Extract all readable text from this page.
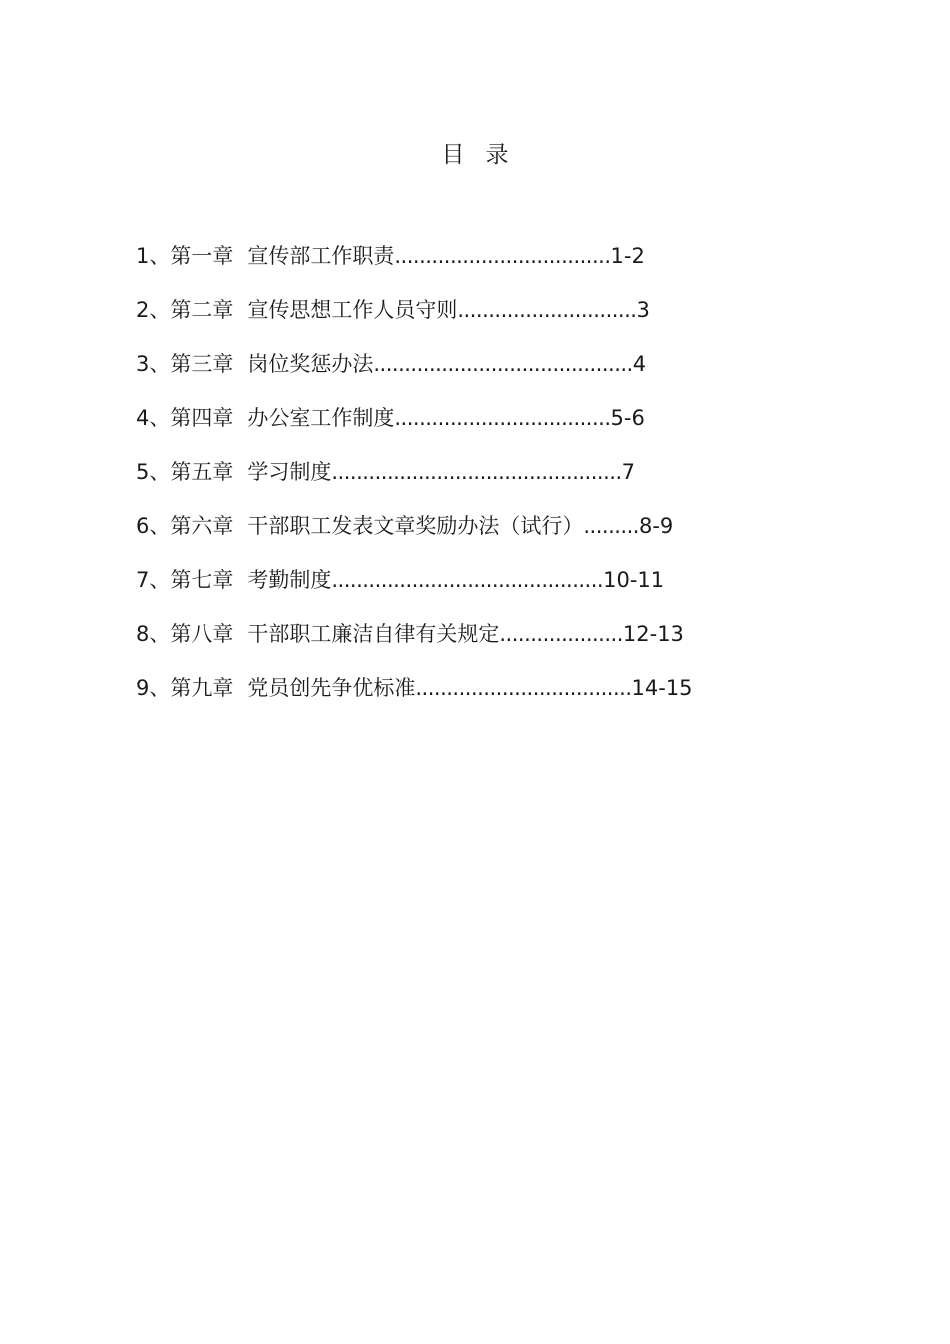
目 录
1、第一章 宣传部工作职责...................................1-2
2、第二章 宣传思想工作人员守则.............................3
3、第三章 岗位奖惩办法..........................................4
4、第四章 办公室工作制度...................................5-6
5、第五章 学习制度...............................................7
6、第六章 干部职工发表文章奖励办法（试行）.........8-9
7、第七章 考勤制度............................................10-11
8、第八章 干部职工廉洁自律有关规定....................12-13
9、第九章 党员创先争优标准...................................14-15
